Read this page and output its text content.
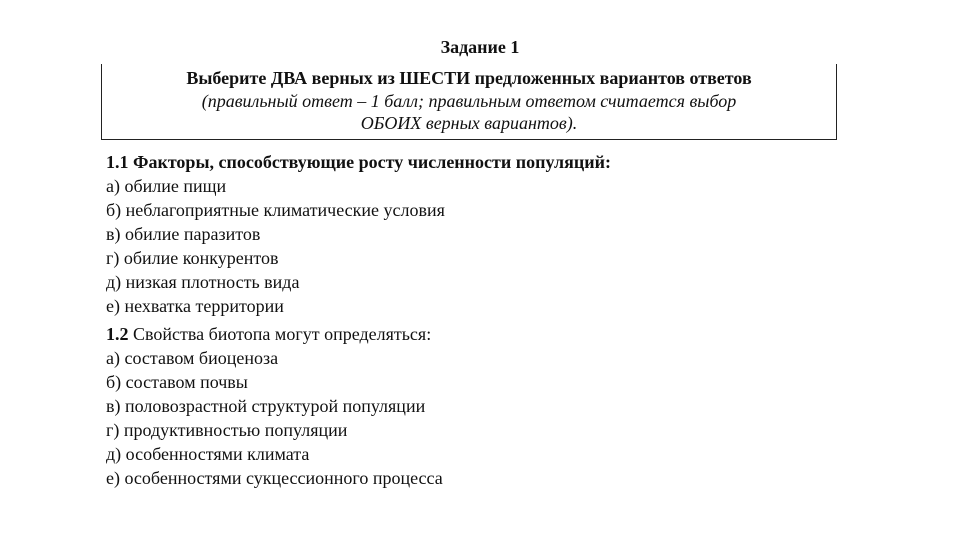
Задание 1
Выберите ДВА верных из ШЕСТИ предложенных вариантов ответов
(правильный ответ – 1 балл; правильным ответом считается выбор
ОБОИХ верных вариантов).
1.1 Факторы, способствующие росту численности популяций:
а) обилие пищи
б) неблагоприятные климатические условия
в) обилие паразитов
г) обилие конкурентов
д) низкая плотность вида
е) нехватка территории
1.2 Свойства биотопа могут определяться:
а) составом биоценоза
б) составом почвы
в) половозрастной структурой популяции
г) продуктивностью популяции
д) особенностями климата
е) особенностями сукцессионного процесса
